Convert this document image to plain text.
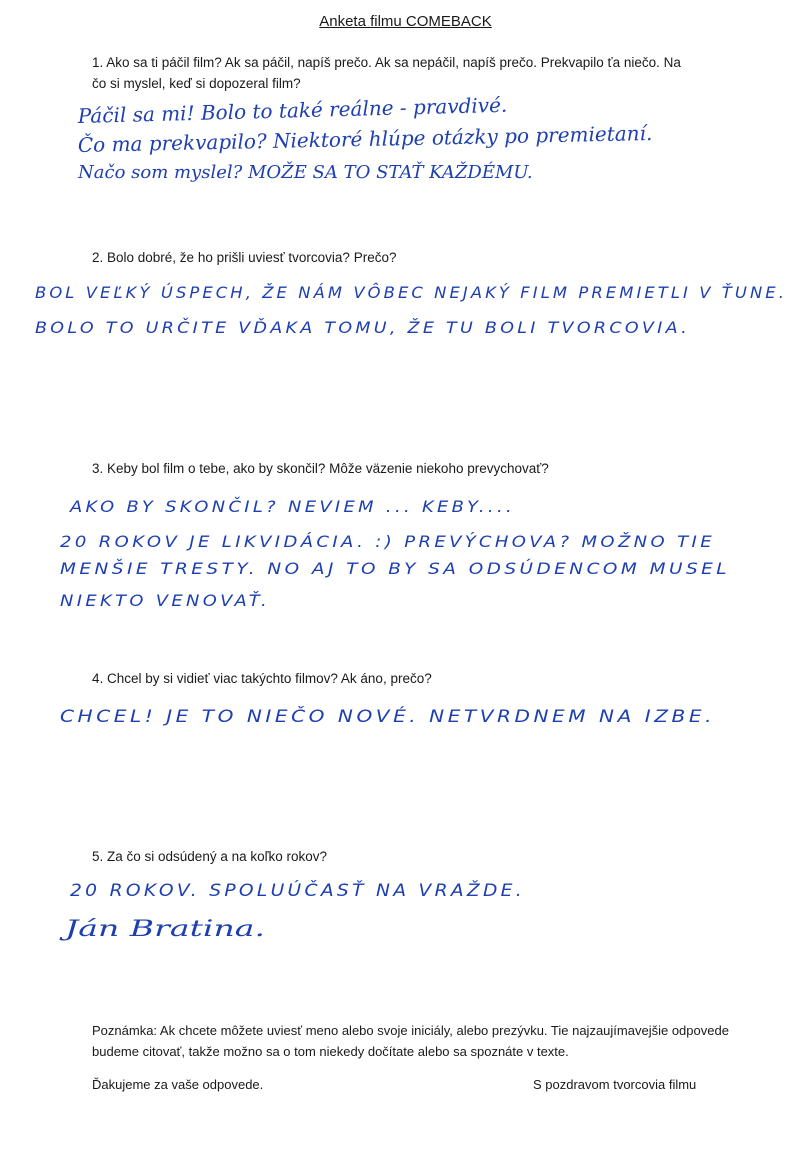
Anketa filmu COMEBACK
1. Ako sa ti páčil film? Ak sa páčil, napíš prečo. Ak sa nepáčil, napíš prečo. Prekvapilo ťa niečo. Na čo si myslel, keď si dopozeral film?
2. Bolo dobré, že ho prišli uviesť tvorcovia? Prečo?
3. Keby bol film o tebe, ako by skončil? Môže väzenie niekoho prevychovať?
4. Chcel by si vidieť viac takýchto filmov? Ak áno, prečo?
5. Za čo si odsúdený a na koľko rokov?
Páčil sa mi! Bolo to také reálne - pravdivé.
Čo ma prekvapilo? Niektoré hlúpe otázky po premietaní.
Načo som myslel? MOŽE SA TO STAŤ KAŽDÉMU.
BOL VEĽKÝ ÚSPECH, ŽE NÁM VÔBEC NEJAKÝ FILM PREMIETLI V ŤUNE.
BOLO TO URČITE VĎAKA TOMU, ŽE TU BOLI TVORCOVIA.
AKO BY SKONČIL? NEVIEM ... KEBY....
20 ROKOV JE LIKVIDÁCIA. :) PREVÝCHOVA? MOŽNO TIE
MENŠIE TRESTY. NO AJ TO BY SA ODSÚDENCOM MUSEL
NIEKTO VENOVAŤ.
CHCEL! JE TO NIEČO NOVÉ. NETVRDNEM NA IZBE.
20 ROKOV. SPOLUÚČASŤ NA VRAŽDE.
Ján Bratina.
Poznámka: Ak chcete môžete uviesť meno alebo svoje iniciály, alebo prezývku. Tie najzaujímavejšie odpovede budeme citovať, takže možno sa o tom niekedy dočítate alebo sa spoznáte v texte.
Ďakujeme za vaše odpovede.	S pozdravom tvorcovia filmu
